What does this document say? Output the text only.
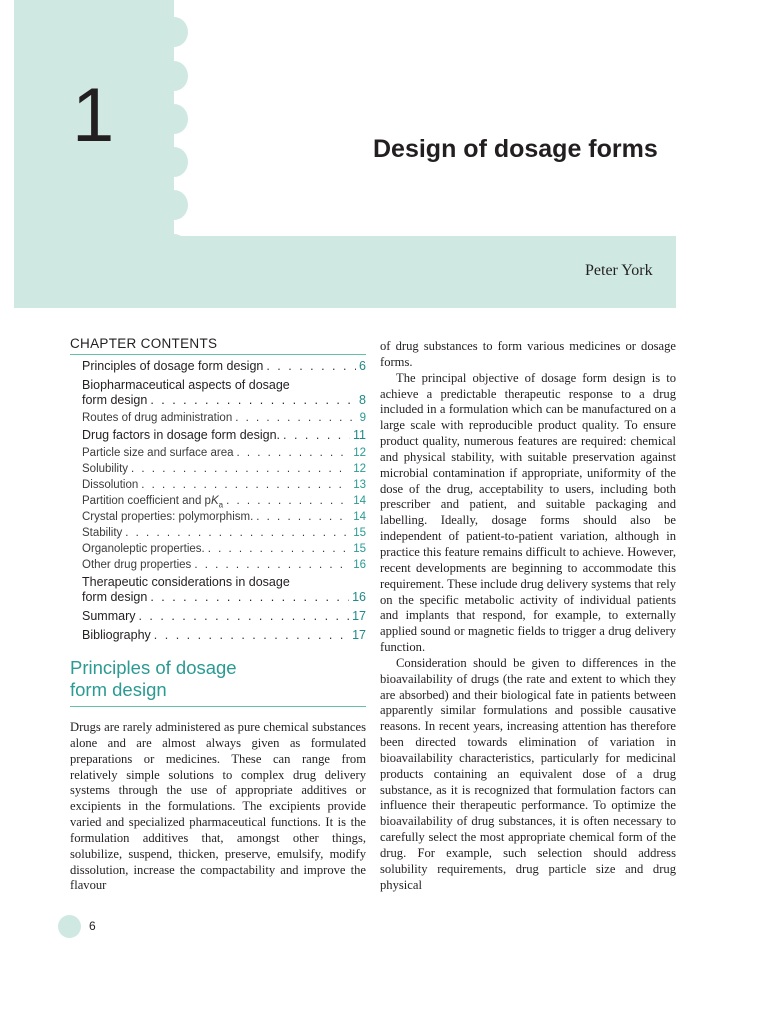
1	Design of dosage forms
Peter York
CHAPTER CONTENTS
Principles of dosage form design . . .	6
Biopharmaceutical aspects of dosage
form design . . .	8
Routes of drug administration . . .	9
Drug factors in dosage form design. . . .	11
Particle size and surface area . . .	12
Solubility . . .	12
Dissolution . . .	13
Partition coefficient and $pK_a$ . . .	14
Crystal properties: polymorphism. . . .	14
Stability . . .	15
Organoleptic properties. . . .	15
Other drug properties . . .	16
Therapeutic considerations in dosage
form design . . .	16
Summary . . .	17
Bibliography . . .	17
Principles of dosage
form design

Drugs are rarely administered as pure chemical substances alone and are almost always given as formulated preparations or medicines. These can range from relatively simple solutions to complex drug delivery systems through the use of appropriate additives or excipients in the formulations. The excipients provide varied and specialized pharmaceutical functions. It is the formulation additives that, amongst other things, solubilize, suspend, thicken, preserve, emulsify, modify dissolution, increase the compactability and improve the flavour

of drug substances to form various medicines or dosage forms.

The principal objective of dosage form design is to achieve a predictable therapeutic response to a drug included in a formulation which can be manufactured on a large scale with reproducible product quality. To ensure product quality, numerous features are required: chemical and physical stability, with suitable preservation against microbial contamination if appropriate, uniformity of the dose of the drug, acceptability to users, including both prescriber and patient, and suitable packaging and labelling. Ideally, dosage forms should also be independent of patient-to-patient variation, although in practice this feature remains difficult to achieve. However, recent developments are beginning to accommodate this requirement. These include drug delivery systems that rely on the specific metabolic activity of individual patients and implants that respond, for example, to externally applied sound or magnetic fields to trigger a drug delivery function.

Consideration should be given to differences in the bioavailability of drugs (the rate and extent to which they are absorbed) and their biological fate in patients between apparently similar formulations and possible causative reasons. In recent years, increasing attention has therefore been directed towards elimination of variation in bioavailability characteristics, particularly for medicinal products containing an equivalent dose of a drug substance, as it is recognized that formulation factors can influence their therapeutic performance. To optimize the bioavailability of drug substances, it is often necessary to carefully select the most appropriate chemical form of the drug. For example, such selection should address solubility requirements, drug particle size and drug physical

6
